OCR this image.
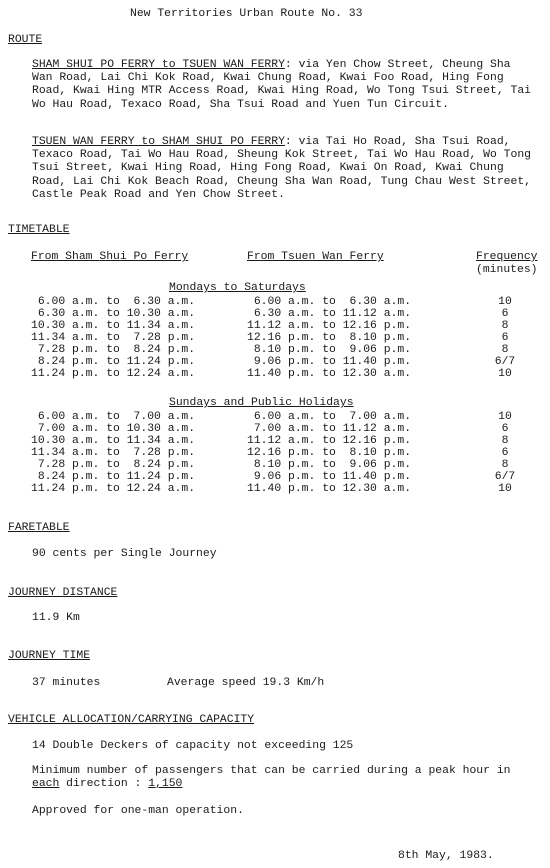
New Territories Urban Route No. 33
ROUTE
SHAM SHUI PO FERRY to TSUEN WAN FERRY: via Yen Chow Street, Cheung Sha Wan Road, Lai Chi Kok Road, Kwai Chung Road, Kwai Foo Road, Hing Fong Road, Kwai Hing MTR Access Road, Kwai Hing Road, Wo Tong Tsui Street, Tai Wo Hau Road, Texaco Road, Sha Tsui Road and Yuen Tun Circuit.
TSUEN WAN FERRY to SHAM SHUI PO FERRY: via Tai Ho Road, Sha Tsui Road, Texaco Road, Tai Wo Hau Road, Sheung Kok Street, Tai Wo Hau Road, Wo Tong Tsui Street, Kwai Hing Road, Hing Fong Road, Kwai On Road, Kwai Chung Road, Lai Chi Kok Beach Road, Cheung Sha Wan Road, Tung Chau West Street, Castle Peak Road and Yen Chow Street.
TIMETABLE
From Sham Shui Po Ferry	From Tsuen Wan Ferry	Frequency
(minutes)
Mondays to Saturdays
6.00 a.m. to  6.30 a.m.	6.00 a.m. to  6.30 a.m.	10
6.30 a.m. to 10.30 a.m.	6.30 a.m. to 11.12 a.m.	6
10.30 a.m. to 11.34 a.m.	11.12 a.m. to 12.16 p.m.	8
11.34 a.m. to  7.28 p.m.	12.16 p.m. to  8.10 p.m.	6
7.28 p.m. to  8.24 p.m.	8.10 p.m. to  9.06 p.m.	8
8.24 p.m. to 11.24 p.m.	9.06 p.m. to 11.40 p.m.	6/7
11.24 p.m. to 12.24 a.m.	11.40 p.m. to 12.30 a.m.	10
Sundays and Public Holidays
6.00 a.m. to  7.00 a.m.	6.00 a.m. to  7.00 a.m.	10
7.00 a.m. to 10.30 a.m.	7.00 a.m. to 11.12 a.m.	6
10.30 a.m. to 11.34 a.m.	11.12 a.m. to 12.16 p.m.	8
11.34 a.m. to  7.28 p.m.	12.16 p.m. to  8.10 p.m.	6
7.28 p.m. to  8.24 p.m.	8.10 p.m. to  9.06 p.m.	8
8.24 p.m. to 11.24 p.m.	9.06 p.m. to 11.40 p.m.	6/7
11.24 p.m. to 12.24 a.m.	11.40 p.m. to 12.30 a.m.	10
FARETABLE
90 cents per Single Journey
JOURNEY DISTANCE
11.9 Km
JOURNEY TIME
37 minutes	Average speed 19.3 Km/h
VEHICLE ALLOCATION/CARRYING CAPACITY
14 Double Deckers of capacity not exceeding 125
Minimum number of passengers that can be carried during a peak hour in each direction : 1,150
Approved for one-man operation.
8th May, 1983.
